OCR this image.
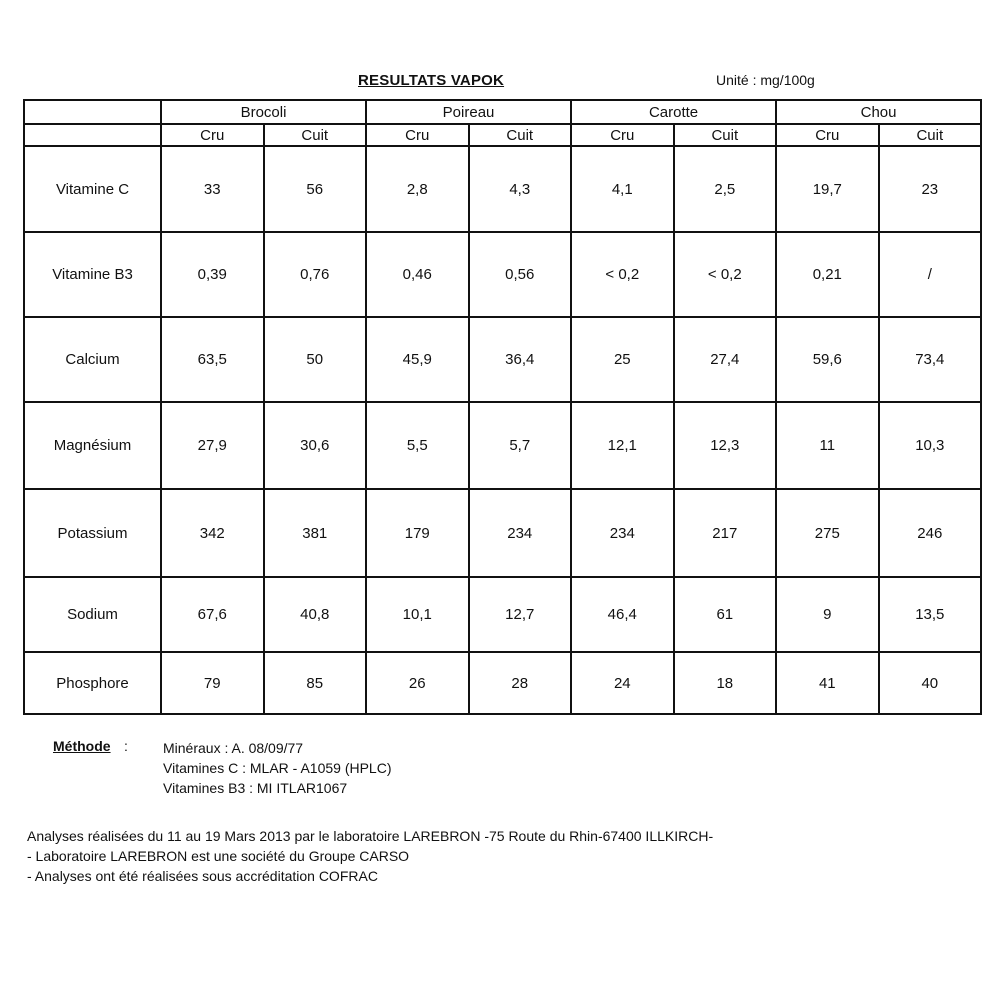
RESULTATS VAPOK	Unité : mg/100g
	Brocoli		Poireau		Carotte		Chou	
	Cru	Cuit	Cru	Cuit	Cru	Cuit	Cru	Cuit
Vitamine C	33	56	2,8	4,3	4,1	2,5	19,7	23
Vitamine B3	0,39	0,76	0,46	0,56	< 0,2	< 0,2	0,21	/
Calcium	63,5	50	45,9	36,4	25	27,4	59,6	73,4
Magnésium	27,9	30,6	5,5	5,7	12,1	12,3	11	10,3
Potassium	342	381	179	234	234	217	275	246
Sodium	67,6	40,8	10,1	12,7	46,4	61	9	13,5
Phosphore	79	85	26	28	24	18	41	40
Méthode :	Minéraux : A. 08/09/77
Vitamines C : MLAR - A1059 (HPLC)
Vitamines B3 : MI ITLAR1067
Analyses réalisées du 11 au 19 Mars 2013 par le laboratoire LAREBRON -75 Route du Rhin-67400 ILLKIRCH-
- Laboratoire LAREBRON est une société du Groupe CARSO
- Analyses ont été réalisées sous accréditation COFRAC
